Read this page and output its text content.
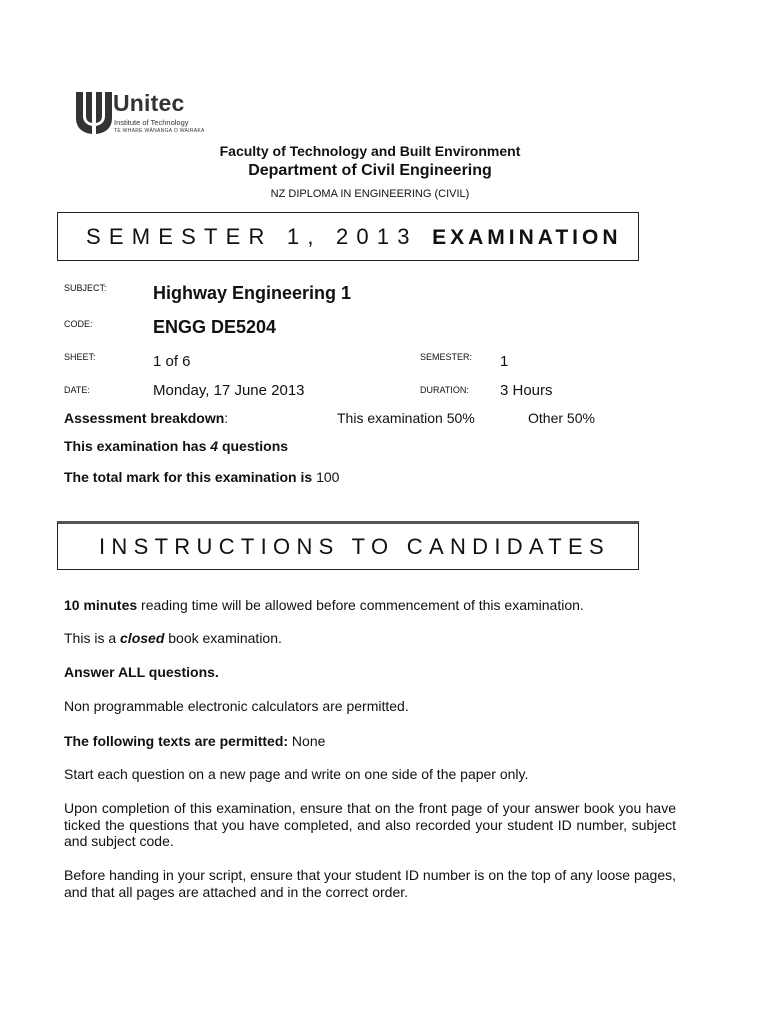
Unitec
Institute of Technology
TE WHARE WĀNANGA O WAIRAKA
Faculty of Technology and Built Environment
Department of Civil Engineering
NZ DIPLOMA IN ENGINEERING (CIVIL)
SEMESTER 1, 2013 EXAMINATION
SUBJECT:	Highway Engineering 1
CODE:	ENGG DE5204
SHEET:	1 of 6	SEMESTER: 1
DATE:	Monday, 17 June 2013	DURATION: 3 Hours
Assessment breakdown:	This examination 50%	Other 50%
This examination has 4 questions
The total mark for this examination is 100
INSTRUCTIONS TO CANDIDATES
10 minutes reading time will be allowed before commencement of this examination.
This is a closed book examination.
Answer ALL questions.
Non programmable electronic calculators are permitted.
The following texts are permitted: None
Start each question on a new page and write on one side of the paper only.
Upon completion of this examination, ensure that on the front page of your answer book you have ticked the questions that you have completed, and also recorded your student ID number, subject and subject code.
Before handing in your script, ensure that your student ID number is on the top of any loose pages, and that all pages are attached and in the correct order.
